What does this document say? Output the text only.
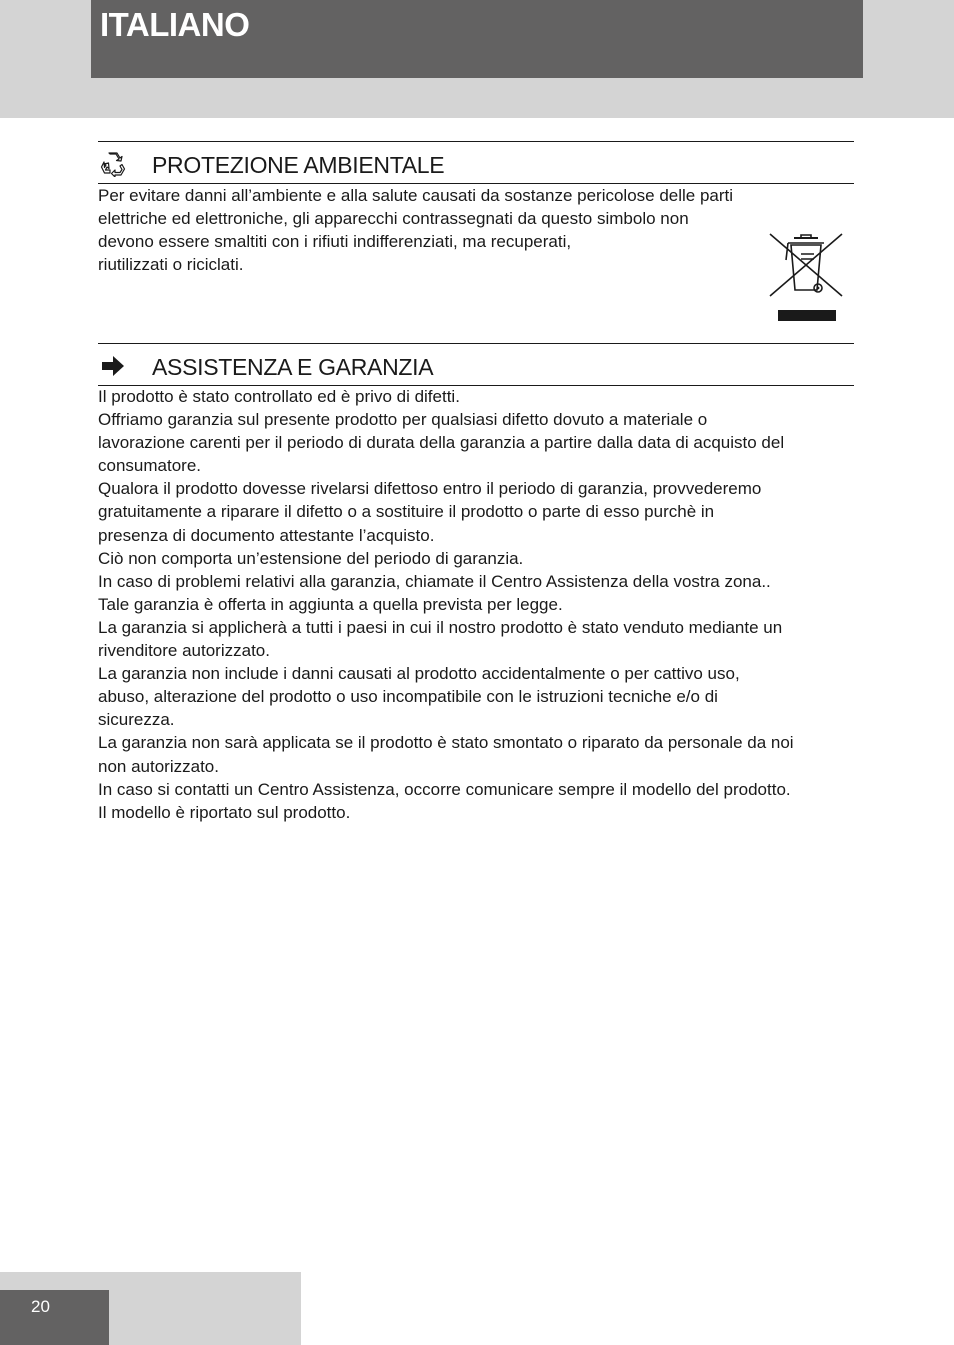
ITALIANO
PROTEZIONE AMBIENTALE

Per evitare danni all’ambiente e alla salute causati da sostanze pericolose delle parti

elettriche ed elettroniche, gli apparecchi contrassegnati da questo simbolo non

devono essere smaltiti con i rifiuti indifferenziati, ma recuperati,

riutilizzati o riciclati.

ASSISTENZA E GARANZIA

Il prodotto è stato controllato ed è privo di difetti.

Offriamo garanzia sul presente prodotto per qualsiasi difetto dovuto a materiale o

lavorazione carenti per il periodo di durata della garanzia a partire dalla data di acquisto del

consumatore.

Qualora il prodotto dovesse rivelarsi difettoso entro il periodo di garanzia, provvederemo

gratuitamente a riparare il difetto o a sostituire il prodotto o parte di esso purchè in

presenza di documento attestante l’acquisto.

Ciò non comporta un’estensione del periodo di garanzia.

In caso di problemi relativi alla garanzia, chiamate il Centro Assistenza della vostra zona..

Tale garanzia è offerta in aggiunta a quella prevista per legge.

La garanzia si applicherà a tutti i paesi in cui il nostro prodotto è stato venduto mediante un

rivenditore autorizzato.

La garanzia non include i danni causati al prodotto accidentalmente o per cattivo uso,

abuso, alterazione del prodotto o uso incompatibile con le istruzioni tecniche e/o di

sicurezza.

La garanzia non sarà applicata se il prodotto è stato smontato o riparato da personale da noi

non autorizzato.

In caso si contatti un Centro Assistenza, occorre comunicare sempre il modello del prodotto.

Il modello è riportato sul prodotto.

20
